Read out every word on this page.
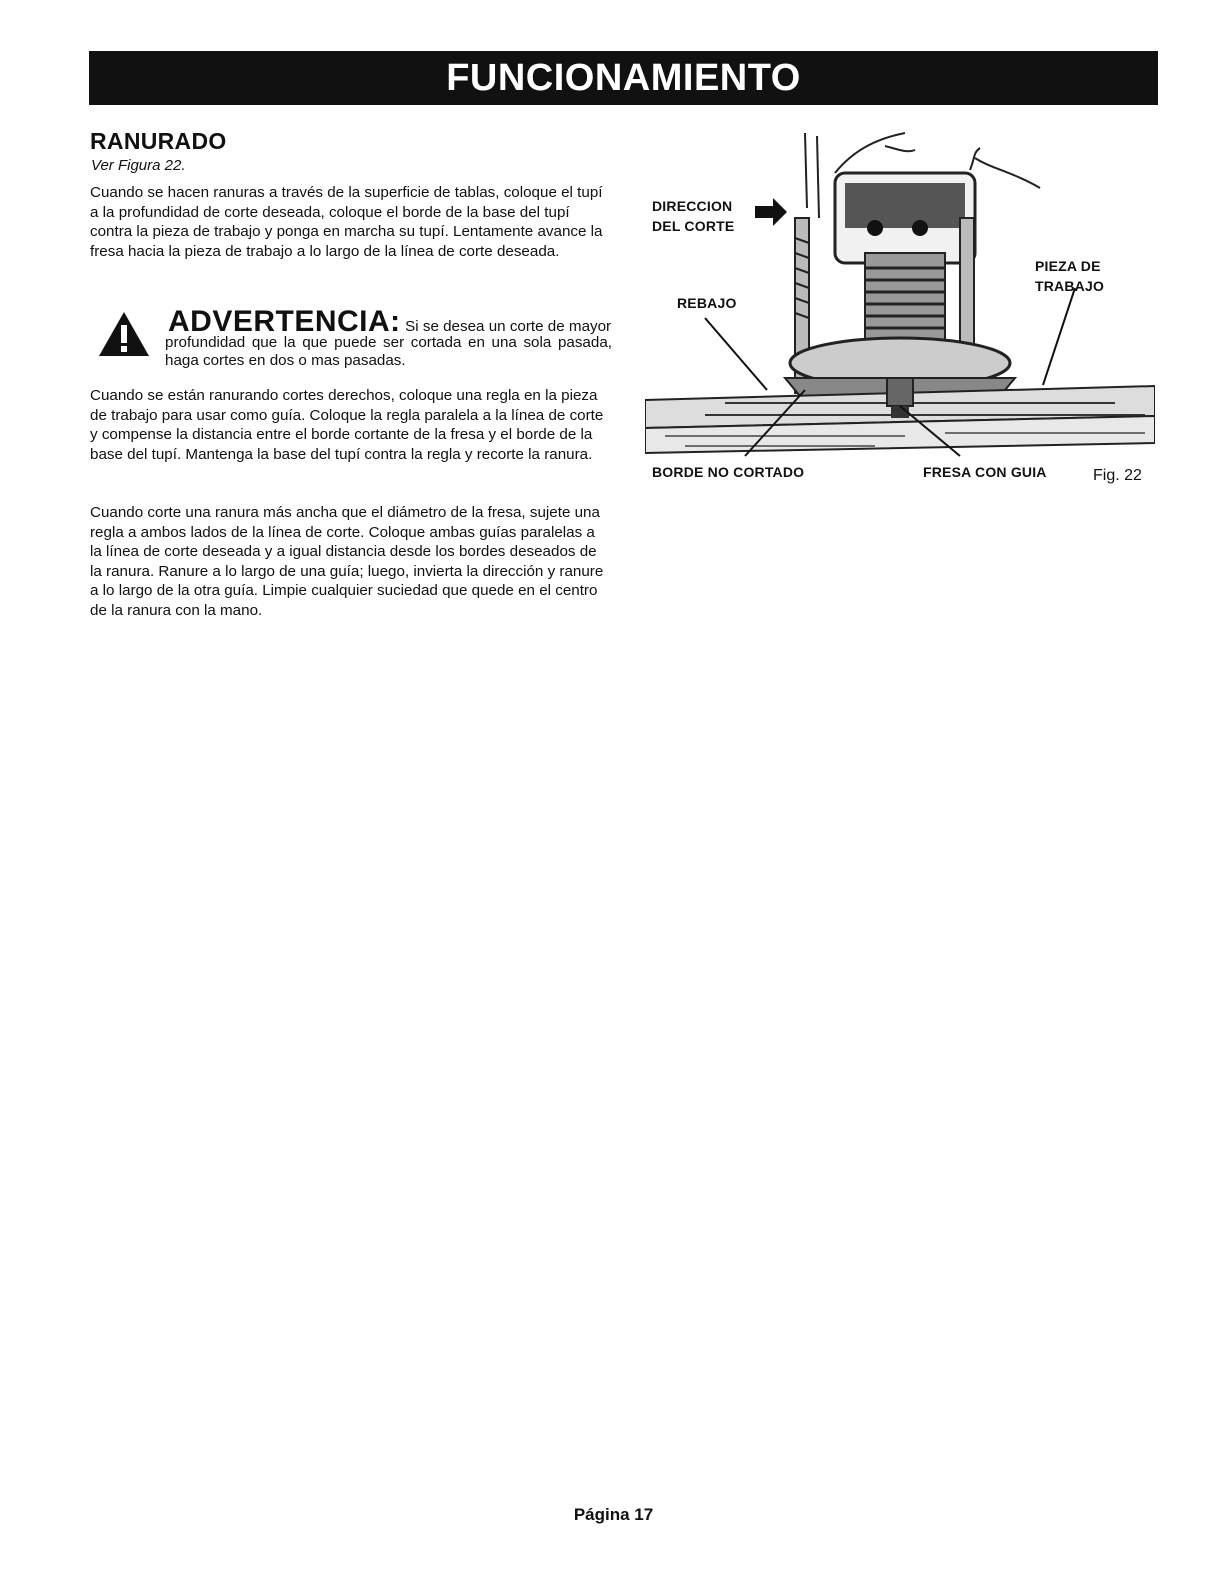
FUNCIONAMIENTO
RANURADO
Ver Figura 22.

Cuando se hacen ranuras a través de la superficie de tablas, coloque el tupí a la profundidad de corte deseada, coloque el borde de la base del tupí contra la pieza de trabajo y ponga en marcha su tupí. Lentamente avance la fresa hacia la pieza de trabajo a lo largo de la línea de corte deseada.

ADVERTENCIA: Si se desea un corte de mayor
profundidad que la que puede ser cortada en una sola pasada, haga cortes en dos o mas pasadas.

Cuando se están ranurando cortes derechos, coloque una regla en la pieza de trabajo para usar como guía. Coloque la regla paralela a la línea de corte y compense la distancia entre el borde cortante de la fresa y el borde de la base del tupí. Mantenga la base del tupí contra la regla y recorte la ranura.

Cuando corte una ranura más ancha que el diámetro de la fresa, sujete una regla a ambos lados de la línea de corte. Coloque ambas guías paralelas a la línea de corte deseada y a igual distancia desde los bordes deseados de la ranura. Ranure a lo largo de una guía; luego, invierta la dirección y ranure a lo largo de la otra guía. Limpie cualquier suciedad que quede en el centro de la ranura con la mano.

DIRECCION
DEL CORTE
PIEZA DE
TRABAJO
REBAJO
BORDE NO CORTADO	FRESA CON GUIA	Fig. 22
Página 17
